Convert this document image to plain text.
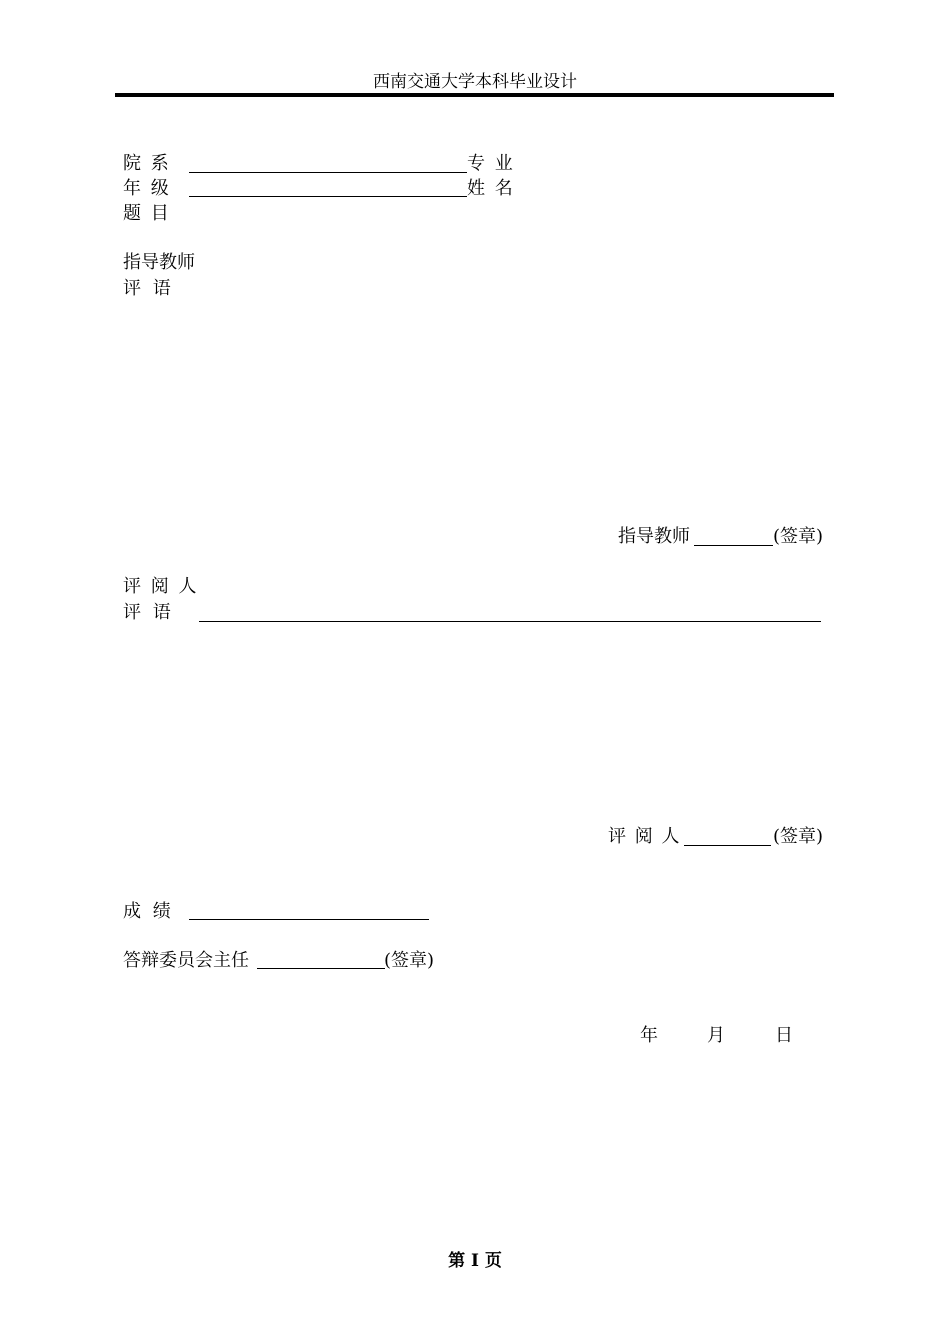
西南交通大学本科毕业设计
院 系	专 业
年 级	姓 名
题 目
指导教师
评 语
指导教师	(签章)
评 阅 人
评 语
评 阅 人	(签章)
成 绩
答辩委员会主任	(签章)
年	月	日
第 I 页
